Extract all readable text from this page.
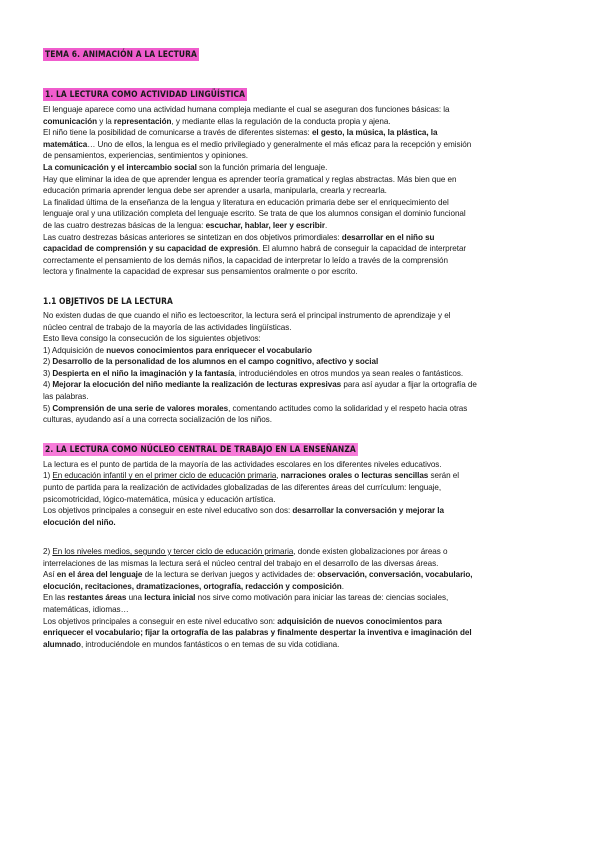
TEMA 6. ANIMACIÓN A LA LECTURA
1. LA LECTURA COMO ACTIVIDAD LINGÜÍSTICA

El lenguaje aparece como una actividad humana compleja mediante el cual se aseguran dos funciones básicas: la

comunicación y la representación, y mediante ellas la regulación de la conducta propia y ajena.

El niño tiene la posibilidad de comunicarse a través de diferentes sistemas: el gesto, la música, la plástica, la

matemática… Uno de ellos, la lengua es el medio privilegiado y generalmente el más eficaz para la recepción y emisión

de pensamientos, experiencias, sentimientos y opiniones.

La comunicación y el intercambio social son la función primaria del lenguaje.

Hay que eliminar la idea de que aprender lengua es aprender teoría gramatical y reglas abstractas. Más bien que en

educación primaria aprender lengua debe ser aprender a usarla, manipularla, crearla y recrearla.

La finalidad última de la enseñanza de la lengua y literatura en educación primaria debe ser el enriquecimiento del

lenguaje oral y una utilización completa del lenguaje escrito. Se trata de que los alumnos consigan el dominio funcional

de las cuatro destrezas básicas de la lengua: escuchar, hablar, leer y escribir.

Las cuatro destrezas básicas anteriores se sintetizan en dos objetivos primordiales: desarrollar en el niño su

capacidad de comprensión y su capacidad de expresión. El alumno habrá de conseguir la capacidad de interpretar

correctamente el pensamiento de los demás niños, la capacidad de interpretar lo leído a través de la comprensión

lectora y finalmente la capacidad de expresar sus pensamientos oralmente o por escrito.

1.1 OBJETIVOS DE LA LECTURA

No existen dudas de que cuando el niño es lectoescritor, la lectura será el principal instrumento de aprendizaje y el

núcleo central de trabajo de la mayoría de las actividades lingüísticas.

Esto lleva consigo la consecución de los siguientes objetivos:

1) Adquisición de nuevos conocimientos para enriquecer el vocabulario

2) Desarrollo de la personalidad de los alumnos en el campo cognitivo, afectivo y social

3) Despierta en el niño la imaginación y la fantasía, introduciéndoles en otros mundos ya sean reales o fantásticos.

4) Mejorar la elocución del niño mediante la realización de lecturas expresivas para así ayudar a fijar la ortografía de

las palabras.

5) Comprensión de una serie de valores morales, comentando actitudes como la solidaridad y el respeto hacia otras

culturas, ayudando así a una correcta socialización de los niños.

2. LA LECTURA COMO NÚCLEO CENTRAL DE TRABAJO EN LA ENSEÑANZA

La lectura es el punto de partida de la mayoría de las actividades escolares en los diferentes niveles educativos.

1) En educación infantil y en el primer ciclo de educación primaria, narraciones orales o lecturas sencillas serán el

punto de partida para la realización de actividades globalizadas de las diferentes áreas del currículum: lenguaje,

psicomotricidad, lógico-matemática, música y educación artística.

Los objetivos principales a conseguir en este nivel educativo son dos: desarrollar la conversación y mejorar la

elocución del niño.

2) En los niveles medios, segundo y tercer ciclo de educación primaria, donde existen globalizaciones por áreas o

interrelaciones de las mismas la lectura será el núcleo central del trabajo en el desarrollo de las diversas áreas.

Así en el área del lenguaje de la lectura se derivan juegos y actividades de: observación, conversación, vocabulario,

elocución, recitaciones, dramatizaciones, ortografía, redacción y composición.

En las restantes áreas una lectura inicial nos sirve como motivación para iniciar las tareas de: ciencias sociales,

matemáticas, idiomas…

Los objetivos principales a conseguir en este nivel educativo son: adquisición de nuevos conocimientos para

enriquecer el vocabulario; fijar la ortografía de las palabras y finalmente despertar la inventiva e imaginación del

alumnado, introduciéndole en mundos fantásticos o en temas de su vida cotidiana.
